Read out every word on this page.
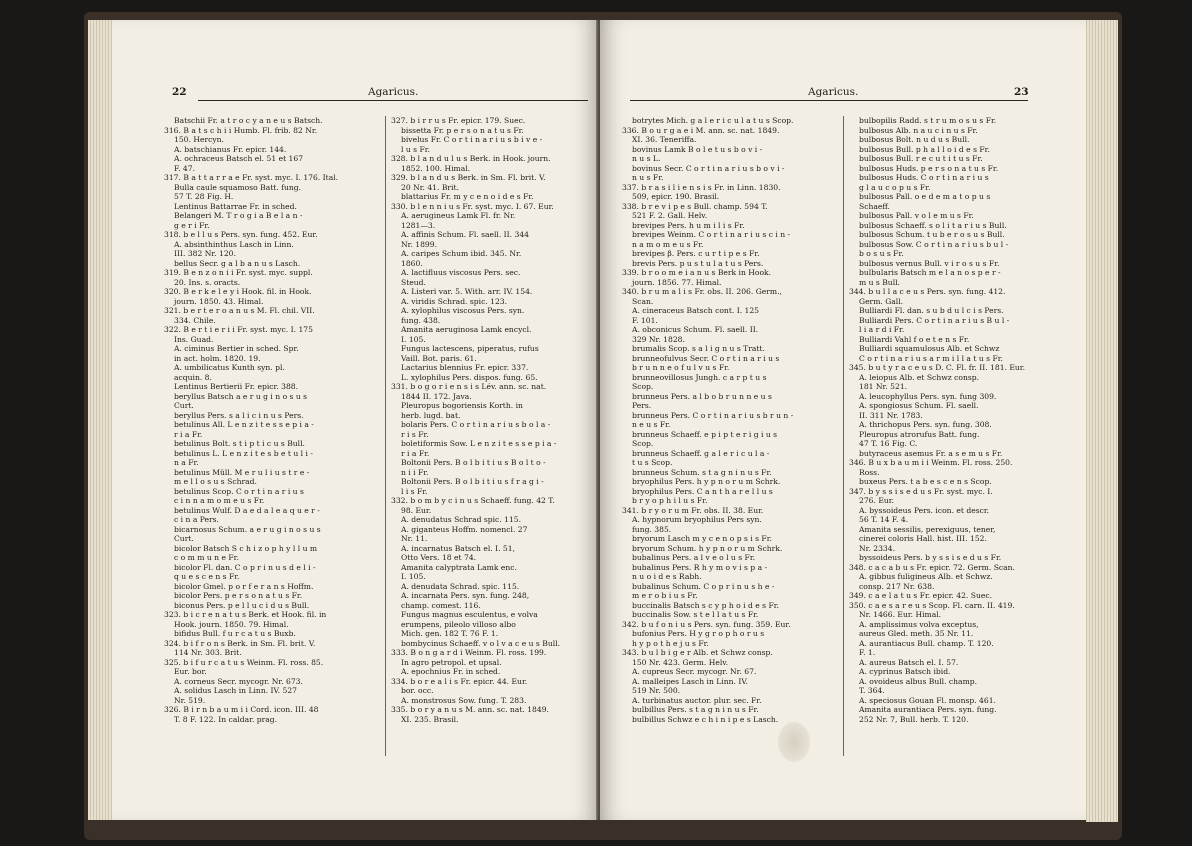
22	Agaricus.
Batschii Fr. a t r o c y a n e u s Batsch.
316. B a t s c h i i Humb. Fl. frib. 82 Nr.
150. Hercyn.
A. batschianus Fr. epicr. 144.
A. ochraceus Batsch el. 51 et 167
F. 47.
317. B a t t a r r a e Fr. syst. myc. I. 176. Ital.
Bulla caule squamoso Batt. fung.
57 T. 28 Fig. H.
Lentinus Battarrae Fr. in sched.
Belangeri M. T r o g i a B e l a n -
g e r i Fr.
318. b e l l u s Pers. syn. fung. 452. Eur.
A. absinthinthus Lasch in Linn.
III. 382 Nr. 120.
bellus Secr. g a l b a n u s Lasch.
319. B e n z o n i i Fr. syst. myc. suppl.
20. Ins. s. oracts.
320. B e r k e l e y i Hook. fil. in Hook.
journ. 1850. 43. Himal.
321. b e r t e r o a n u s M. Fl. chil. VII.
334. Chile.
322. B e r t i e r i i Fr. syst. myc. I. 175
Ins. Guad.
A. ciminus Bertier in sched. Spr.
in act. holm. 1820. 19.
A. umbilicatus Kunth syn. pl.
acquin. 8.
Lentinus Bertierii Fr. epicr. 388.
beryllus Batsch a e r u g i n o s u s
Curt.
beryllus Pers. s a l i c i n u s Pers.
betulinus All. L e n z i t e s s e p i a -
r i a Fr.
betulinus Bolt. s t i p t i c u s Bull.
betulinus L. L e n z i t e s b e t u l i -
n a Fr.
betulinus Müll. M e r u l i u s t r e -
m e l l o s u s Schrad.
betulinus Scop. C o r t i n a r i u s
c i n n a m o m e u s Fr.
betulinus Wulf. D a e d a l e a q u e r -
c i n a Pers.
bicarnosus Schum. a e r u g i n o s u s
Curt.
bicolor Batsch S c h i z o p h y l l u m
c o m m u n e Fr.
bicolor Fl. dan. C o p r i n u s d e l i -
q u e s c e n s Fr.
bicolor Gmel. p o r f e r a n s Hoffm.
bicolor Pers. p e r s o n a t u s Fr.
biconus Pers. p e l l u c i d u s Bull.
323. b i c r e n a t u s Berk. et Hook. fil. in
Hook. journ. 1850. 79. Himal.
bifidus Bull. f u r c a t u s Buxb.
324. b i f r o n s Berk. in Sm. Fl. brit. V.
114 Nr. 303. Brit.
325. b i f u r c a t u s Weinm. Fl. ross. 85.
Eur. bor.
A. corneus Secr. mycogr. Nr. 673.
A. solidus Lasch in Linn. IV. 527
Nr. 519.
326. B i r n b a u m i i Cord. icon. III. 48
T. 8 F. 122. In caldar. prag.
327. b i r r u s Fr. epicr. 179. Suec.
bissetta Fr. p e r s o n a t u s Fr.
bivelus Fr. C o r t i n a r i u s b i v e -
l u s Fr.
328. b l a n d u l u s Berk. in Hook. journ.
1852. 100. Himal.
329. b l a n d u s Berk. in Sm. Fl. brit. V.
20 Nr. 41. Brit.
blattarius Fr. m y c e n o i d e s Fr.
330. b l e n n i u s Fr. syst. myc. I. 67. Eur.
A. aerugineus Lamk Fl. fr. Nr.
1281—3.
A. affinis Schum. Fl. saell. II. 344
Nr. 1899.
A. caripes Schum ibid. 345. Nr.
1860.
A. lactifluus viscosus Pers. sec.
Steud.
A. Listeri var. 5. With. arr. IV. 154.
A. viridis Schrad. spic. 123.
A. xylophilus viscosus Pers. syn.
fung. 438.
Amanita aeruginosa Lamk encycl.
I. 105.
Fungus lactescens, piperatus, rufus
Vaill. Bot. paris. 61.
Lactarius blennius Fr. epicr. 337.
L. xylophilus Pers. dispos. fung. 65.
331. b o g o r i e n s i s Lév. ann. sc. nat.
1844 II. 172. Java.
Pleuropus bogoriensis Korth. in
herb. lugd. bat.
bolaris Pers. C o r t i n a r i u s b o l a -
r i s Fr.
boletiformis Sow. L e n z i t e s s e p i a -
r i a Fr.
Boltonii Pers. B o l b i t i u s B o l t o -
n i i Fr.
Boltonii Pers. B o l b i t i u s f r a g i -
l i s Fr.
332. b o m b y c i n u s Schaeff. fung. 42 T.
98. Eur.
A. denudatus Schrad spic. 115.
A. giganteus Hoffm. nomencl. 27
Nr. 11.
A. incarnatus Batsch el. I. 51,
Otto Vers. 18 et 74.
Amanita calyptrata Lamk enc.
I. 105.
A. denudata Schrad. spic. 115.
A. incarnata Pers. syn. fung. 248,
champ. comest. 116.
Fungus magnus esculentus, e volva
erumpens, pileolo villoso albo
Mich. gen. 182 T. 76 F. 1.
bombycinus Schaeff. v o l v a c e u s Bull.
333. B o n g a r d i Weinm. Fl. ross. 199.
In agro petropol. et upsal.
A. epochnius Fr. in sched.
334. b o r e a l i s Fr. epicr. 44. Eur.
bor. occ.
A. monstrosus Sow. fung. T. 283.
335. b o r y a n u s M. ann. sc. nat. 1849.
XI. 235. Brasil.
Agaricus.	23
botrytes Mich. g a l e r i c u l a t u s Scop.
336. B o u r g a e i M. ann. sc. nat. 1849.
XI. 36. Teneriffa.
bovinus Lamk B o l e t u s b o v i -
n u s L.
bovinus Secr. C o r t i n a r i u s b o v i -
n u s Fr.
337. b r a s i l i e n s i s Fr. in Linn. 1830.
509, epicr. 190. Brasil.
338. b r e v i p e s Bull. champ. 594 T.
521 F. 2. Gall. Helv.
brevipes Pers. h u m i l i s Fr.
brevipes Weinm. C o r t i n a r i u s c i n -
n a m o m e u s Fr.
brevipes β. Pers. c u r t i p e s Fr.
brevis Pers. p u s t u l a t u s Pers.
339. b r o o m e i a n u s Berk in Hook.
journ. 1856. 77. Himal.
340. b r u m a l i s Fr. obs. II. 206. Germ.,
Scan.
A. cineraceus Batsch cont. I. 125
F. 101.
A. obconicus Schum. Fl. saell. II.
329 Nr. 1828.
brumalis Scop. s a l i g n u s Tratt.
brunneofulvus Secr. C o r t i n a r i u s
b r u n n e o f u l v u s Fr.
brunneovillosus Jungh. c a r p t u s
Scop.
brunneus Pers. a l b o b r u n n e u s
Pers.
brunneus Pers. C o r t i n a r i u s b r u n -
n e u s Fr.
brunneus Schaeff. e p i p t e r i g i u s
Scop.
brunneus Schaeff. g a l e r i c u l a -
t u s Scop.
brunneus Schum. s t a g n i n u s Fr.
bryophilus Pers. h y p n o r u m Schrk.
bryophilus Pers. C a n t h a r e l l u s
b r y o p h i l u s Fr.
341. b r y o r u m Fr. obs. II. 38. Eur.
A. hypnorum bryophilus Pers syn.
fung. 385.
bryorum Lasch m y c e n o p s i s Fr.
bryorum Schum. h y p n o r u m Schrk.
bubalinus Pers. a l v e o l u s Fr.
bubalinus Pers. R h y m o v i s p a -
n u o i d e s Rabh.
bubalinus Schum. C o p r i n u s h e -
m e r o b i u s Fr.
buccinalis Batsch s c y p h o i d e s Fr.
buccinalis Sow. s t e l l a t u s Fr.
342. b u f o n i u s Pers. syn. fung. 359. Eur.
bufonius Pers. H y g r o p h o r u s
h y p o t h e j u s Fr.
343. b u l b i g e r Alb. et Schwz consp.
150 Nr. 423. Germ. Helv.
A. cupreus Secr. mycogr. Nr. 67.
A. malleipes Lasch in Linn. IV.
519 Nr. 500.
A. turbinatus auctor. plur. sec. Fr.
bulbillus Pers. s t a g n i n u s Fr.
bulbillus Schwz e c h i n i p e s Lasch.
bulbopilis Radd. s t r u m o s u s Fr.
bulbosus Alb. n a u c i n u s Fr.
bulbosus Bolt. n u d u s Bull.
bulbosus Bull. p h a l l o i d e s Fr.
bulbosus Bull. r e c u t i t u s Fr.
bulbosus Huds. p e r s o n a t u s Fr.
bulbosus Huds. C o r t i n a r i u s
g l a u c o p u s Fr.
bulbosus Pall. o e d e m a t o p u s
Schaeff.
bulbosus Pall. v o l e m u s Fr.
bulbosus Schaeff. s o l i t a r i u s Bull.
bulbosus Schum. t u b e r o s u s Bull.
bulbosus Sow. C o r t i n a r i u s b u l -
b o s u s Fr.
bulbosus vernus Bull. v i r o s u s Fr.
bulbularis Batsch m e l a n o s p e r -
m u s Bull.
344. b u l l a c e u s Pers. syn. fung. 412.
Germ. Gall.
Bulliardi Fl. dan. s u b d u l c i s Pers.
Bulliardi Pers. C o r t i n a r i u s B u l -
l i a r d i Fr.
Bulliardi Vahl f o e t e n s Fr.
Bulliardi squamulosus Alb. et Schwz
C o r t i n a r i u s a r m i l l a t u s Fr.
345. b u t y r a c e u s D. C. Fl. fr. II. 181. Eur.
A. leiopus Alb. et Schwz consp.
181 Nr. 521.
A. leucophyllus Pers. syn. fung 309.
A. spongiosus Schum. Fl. saell.
II. 311 Nr. 1783.
A. thrichopus Pers. syn. fung. 308.
Pleuropus atrorufus Batt. fung.
47 T. 16 Fig. C.
butyraceus asemus Fr. a s e m u s Fr.
346. B u x b a u m i i Weinm. Fl. ross. 250.
Ross.
buxeus Pers. t a b e s c e n s Scop.
347. b y s s i s e d u s Fr. syst. myc. I.
276. Eur.
A. byssoideus Pers. icon. et descr.
56 T. 14 F. 4.
Amanita sessilis, perexiguus, tener,
cinerei coloris Hall. hist. III. 152.
Nr. 2334.
byssoideus Pers. b y s s i s e d u s Fr.
348. c a c a b u s Fr. epicr. 72. Germ. Scan.
A. gibbus fuligineus Alb. et Schwz.
consp. 217 Nr. 638.
349. c a e l a t u s Fr. epicr. 42. Suec.
350. c a e s a r e u s Scop. Fl. carn. II. 419.
Nr. 1466. Eur. Himal.
A. amplissimus volva exceptus,
aureus Gled. meth. 35 Nr. 11.
A. aurantiacus Bull. champ. T. 120.
F. 1.
A. aureus Batsch el. I. 57.
A. cyprinus Batsch ibid.
A. ovoideus albus Bull. champ.
T. 364.
A. speciosus Gouan Fl. monsp. 461.
Amanita aurantiaca Pers. syn. fung.
252 Nr. 7, Bull. herb. T. 120.
